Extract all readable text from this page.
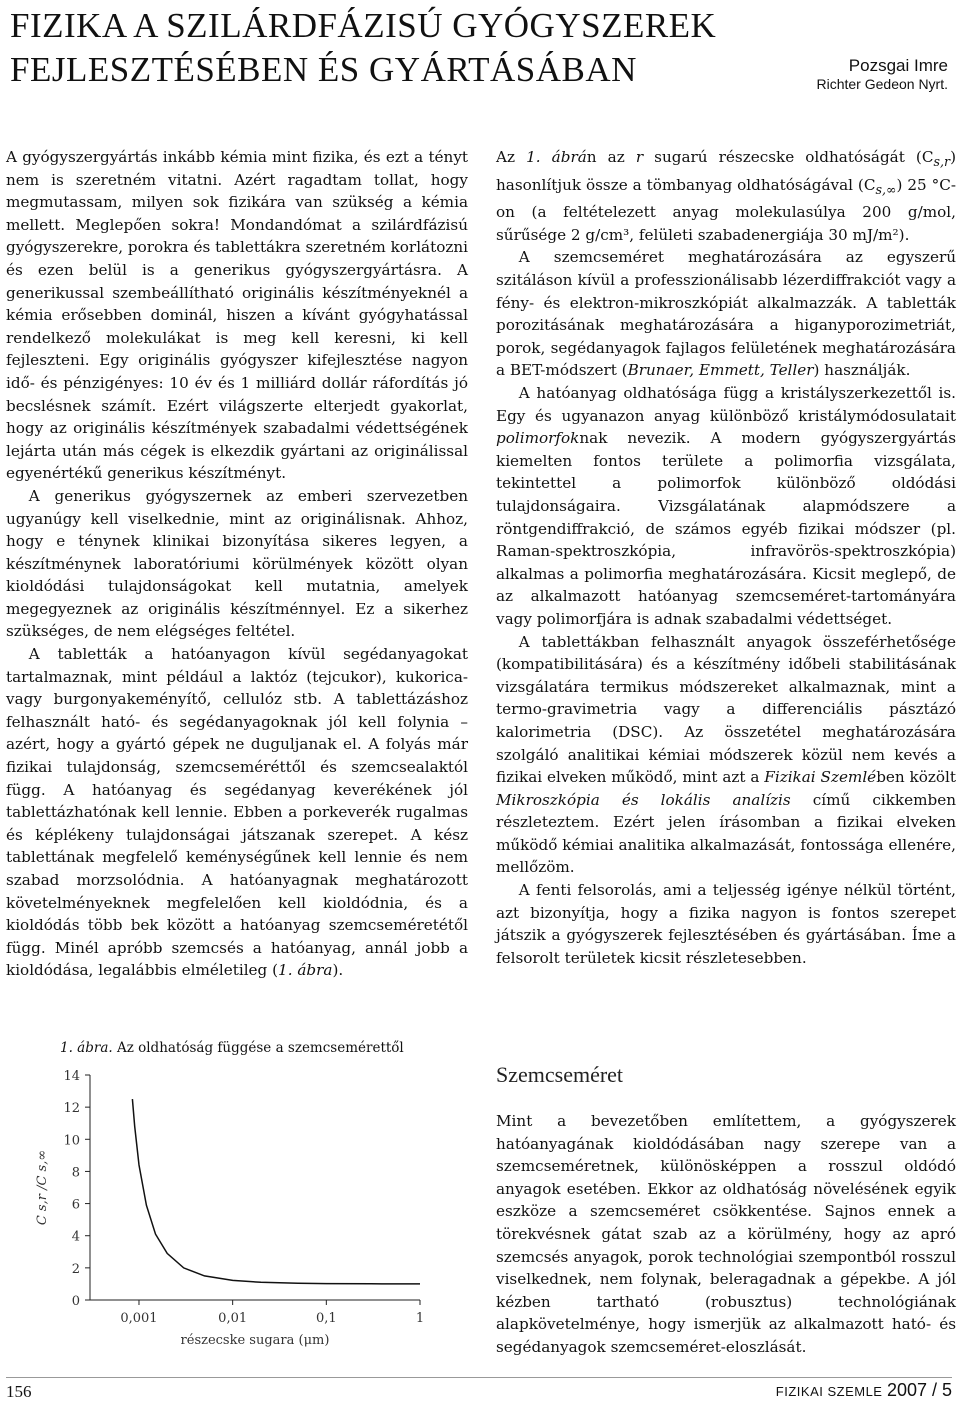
FIZIKA A SZILÁRDFÁZISÚ GYÓGYSZEREK
FEJLESZTÉSÉBEN ÉS GYÁRTÁSÁBAN	Pozsgai Imre
Richter Gedeon Nyrt.

A gyógyszergyártás inkább kémia mint fizika, és ezt a tényt nem is szeretném vitatni. Azért ragadtam tollat, hogy megmutassam, milyen sok fizikára van szükség a kémia mellett. Meglepően sokra! Mondandómat a szilárdfázisú gyógyszerekre, porokra és tablettákra szeretném korlátozni és ezen belül is a generikus gyógyszergyártásra. A generikussal szembeállítható originális készítményeknél a kémia erősebben dominál, hiszen a kívánt gyógyhatással rendelkező molekulákat is meg kell keresni, ki kell fejleszteni. Egy originális gyógyszer kifejlesztése nagyon idő- és pénzigényes: 10 év és 1 milliárd dollár ráfordítás jó becslésnek számít. Ezért világszerte elterjedt gyakorlat, hogy az originális készítmények szabadalmi védettségének lejárta után más cégek is elkezdik gyártani az originálissal egyenértékű generikus készítményt.

A generikus gyógyszernek az emberi szervezetben ugyanúgy kell viselkednie, mint az originálisnak. Ahhoz, hogy e ténynek klinikai bizonyítása sikeres legyen, a készítménynek laboratóriumi körülmények között olyan kioldódási tulajdonságokat kell mutatnia, amelyek megegyeznek az originális készítménnyel. Ez a sikerhez szükséges, de nem elégséges feltétel.

A tabletták a hatóanyagon kívül segédanyagokat tartalmaznak, mint például a laktóz (tejcukor), kukorica- vagy burgonyakeményítő, cellulóz stb. A tablettázáshoz felhasznált ható- és segédanyagoknak jól kell folynia – azért, hogy a gyártó gépek ne duguljanak el. A folyás már fizikai tulajdonság, szemcseméréttől és szemcsealaktól függ. A hatóanyag és segédanyag keverékének jól tablettázhatónak kell lennie. Ebben a porkeverék rugalmas és képlékeny tulajdonságai játszanak szerepet. A kész tablettának megfelelő keménységűnek kell lennie és nem szabad morzsolódnia. A hatóanyagnak meghatározott követelményeknek megfelelően kell kioldódnia, és a kioldódás több bek között a hatóanyag szemcseméretétől függ. Minél apróbb szemcsés a hatóanyag, annál jobb a kioldódása, legalábbis elméletileg (1. ábra).

Az 1. ábrán az r sugarú részecske oldhatóságát $(C_{s,r})$ hasonlítjuk össze a tömbanyag oldhatóságával $(C_{s,\infty})$ 25 °C-on (a feltételezett anyag molekulasúlya 200 g/mol, sűrűsége 2 g/cm³, felületi szabadenergiája 30 mJ/m²).

A szemcseméret meghatározására az egyszerű szitáláson kívül a professzionálisabb lézerdiffrakciót vagy a fény- és elektron-mikroszkópiát alkalmazzák. A tabletták porozitásának meghatározására a higanyporozimetriát, porok, segédanyagok fajlagos felületének meghatározására a BET-módszert (Brunaer, Emmett, Teller) használják.

A hatóanyag oldhatósága függ a kristályszerkezettől is. Egy és ugyanazon anyag különböző kristálymódosulatait polimorfoknak nevezik. A modern gyógyszergyártás kiemelten fontos területe a polimorfia vizsgálata, tekintettel a polimorfok különböző oldódási tulajdonságaira. Vizsgálatának alapmódszere a röntgendiffrakció, de számos egyéb fizikai módszer (pl. Raman-spektroszkópia, infravörös-spektroszkópia) alkalmas a polimorfia meghatározására. Kicsit meglepő, de az alkalmazott hatóanyag szemcseméret-tartományára vagy polimorfjára is adnak szabadalmi védettséget.

A tablettákban felhasznált anyagok összeférhetősége (kompatibilitására) és a készítmény időbeli stabilitásának vizsgálatára termikus módszereket alkalmaznak, mint a termo-gravimetria vagy a differenciális pásztázó kalorimetria (DSC). Az összetétel meghatározására szolgáló analitikai kémiai módszerek közül nem kevés a fizikai elveken működő, mint azt a Fizikai Szemlében közölt Mikroszkópia és lokális analízis című cikkemben részleteztem. Ezért jelen írásomban a fizikai elveken működő kémiai analitika alkalmazását, fontossága ellenére, mellőzöm.

A fenti felsorolás, ami a teljesség igénye nélkül történt, azt bizonyítja, hogy a fizika nagyon is fontos szerepet játszik a gyógyszerek fejlesztésében és gyártásában. Íme a felsorolt területek kicsit részletesebben.

Szemcseméret

Mint a bevezetőben említettem, a gyógyszerek hatóanyagának kioldódásában nagy szerepe van a szemcseméretnek, különösképpen a rosszul oldódó anyagok esetében. Ekkor az oldhatóság növelésének egyik eszköze a szemcseméret csökkentése. Sajnos ennek a törekvésnek gátat szab az a körülmény, hogy az apró szemcsés anyagok, porok technológiai szempontból rosszul viselkednek, nem folynak, beleragadnak a gépekbe. A jól kézben tartható (robusztus) technológiának alapkövetelménye, hogy ismerjük az alkalmazott ható- és segédanyagok szemcseméret-eloszlását.

1. ábra. Az oldhatóság függése a szemcsemérettől
0
2
4
6
8
10
12
14
0,001	0,01	0,1	1
részecske sugara (μm)
C s,r /C s,∞
156	FIZIKAI SZEMLE 2007 / 5
